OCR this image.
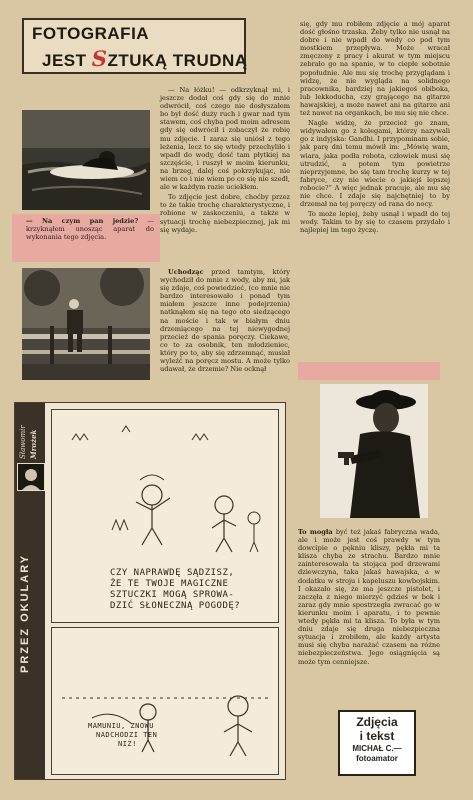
FOTOGRAFIA
JEST SZTUKĄ TRUDNĄ
— Na czym pan jedzie? — krzyknąłem unosząc aparat do wykonania tego zdjęcia.

— Na łóżku! — odkrzyknął mi, i jeszcze dodał coś gdy się do mnie odwrócił, coś czego nie dosłyszałem bo był dość duży ruch i gwar nad tym stawem, coś chyba pod moim adresem gdy się odwrócił i zobaczył że robię mu zdjęcie. I zaraz się uniósł z tego leżenia, lecz to się wtedy przechyliło i wpadł do wody, dość tam płytkiej na szczęście, i ruszył w moim kierunku, na brzeg, dalej coś pokrzykując, nie wiem co i nie wiem po co się nie szedł, ale w każdym razie uciekłem.

To zdjęcie jest dobre, choćby przez to że takie trochę charakterystyczne, i robione w zaskoczeniu, a także w sytuacji trochę niebezpiecznej, jak mi się wydaje.

Uchodząc przed tamtym, który wychodził do mnie z wody, aby mi, jak się zdaje, coś powiedzieć, (co mnie nie bardzo interesowało i ponad tym miałem jeszcze inne podejrzenia) natknąłem się na tego oto siedzącego na moście i tak w białym dniu drzemiącego na tej niewygodnej przecież do spania poręczy. Ciekawe, co to za osobnik, ten młodzieniec, który po to, aby się zdrzemnąć, musiał wyleźć na poręcz mostu. A może tylko udawał, że drzemie? Nie ocknął

się, gdy mu robiłem zdjęcie a mój aparat dość głośno trzaska. Żeby tylko nie usnął na dobre i nie wpadł do wody co pod tym mostkiem przepływa. Może wracał zmęczony z pracy i akurat w tym miejscu zebrało go na spanie, w to ciepłe sobotnie popołudnie. Ale mu się trochę przyglądam i widzę, że nie wygląda na solidnego pracownika, bardziej na jakiegoś obibokа, lub lekkoducha, czy grającego na gitarze hawajskiej, a może nawet ani na gitarze ani też nawet na organkach, bo mu się nie chce.

Nagle widzę, że przecież go znam, widywałem go z kolegami, którzy nazywali go z indyjska: Gandhi. I przypominam sobie, jak parę dni temu mówił im: „Mówię wam, wiara, jaka podła robota, człowiek musi się utrudzić, a potem tym powietrze nieprzyjemne, bo się tam trochę kurzy w tej fabryce, czy nie wiecie o jakiejś lepszej robocie?” A więc jednak pracuje, ale mu się nie chce. I zdaje się najchętniej to by drzemał na tej poręczy od rana do nocy.

To może lepiej, żeby usnął i wpadł do tej wody. Takim to by się to czasem przydało i najlepiej im tego życzę.

To mogła być też jakaś fabrycznа wada, ale i może jest coś prawdy w tym dowcipie o pękniu kliszy, pękła mi ta klisza chyba ze strachu. Bardzo mnie zainteresowała ta stojąca pod drzewami dziewczyna, taka jakaś hawajska, a w dodatku w stroju i kapeluszu kowbojskim. I okazało się, że ma jeszcze pistolet, i zaczęła z niego mierzyć gdzieś w bok i zaraz gdy mnie spostrzegła zwracać go w kierunku moim i aparatu, i to pewnie wtedy pękła mi ta klisza. To była w tym dniu zdaje się druga niebezpieczna sytuacja i zrobiłem, ale każdy artysta musi się chyba narażać czasem na różne niebezpieczeństwa. Jego osiągnięcia są może tym cenniejsze.

Zdjęcia
i tekst
MICHAŁ C.—
fotoamator
Sławomir Mrożek
PRZEZ OKULARY	CZY NAPRAWDĘ SĄDZISZ,
ŻE TE TWOJE MAGICZNE
SZTUCZKI MOGĄ SPROWA-
DZIĆ SŁONECZNĄ POGODĘ?
MAMUNIU, ZNOWU
NADCHODZI TEN
NIŻ!
